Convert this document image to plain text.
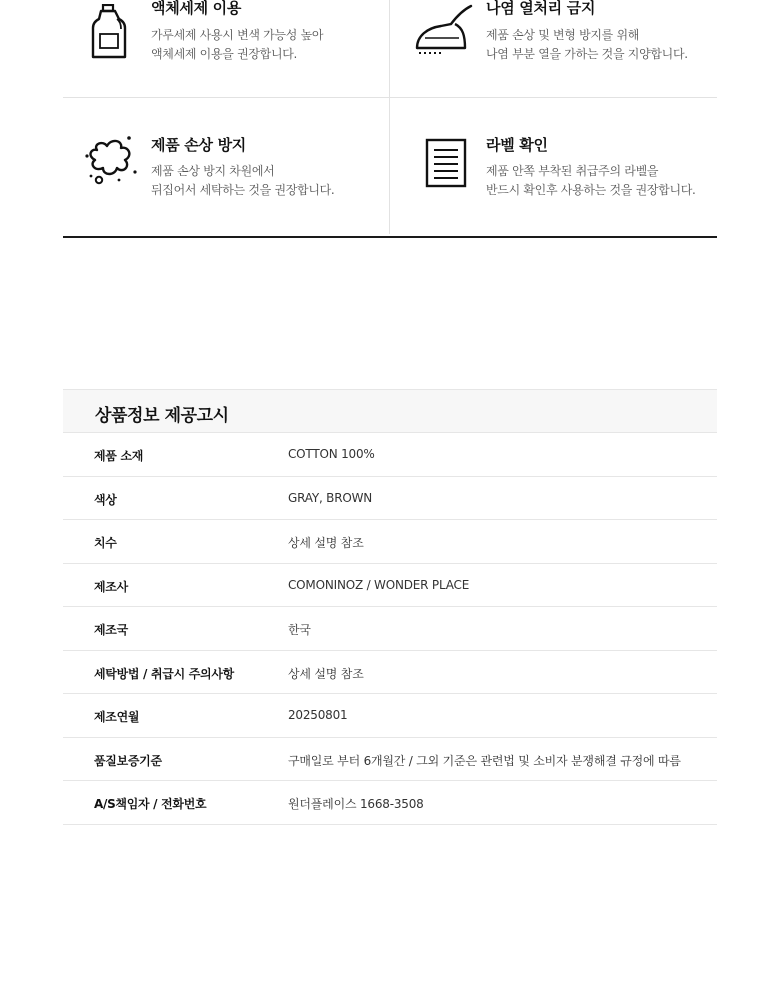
액체세제 이용
가루세제 사용시 변색 가능성 높아
액체세제 이용을 권장합니다.
나염 열처리 금지
제품 손상 및 변형 방지를 위해
나염 부분 열을 가하는 것을 지양합니다.
제품 손상 방지
제품 손상 방지 차원에서
뒤집어서 세탁하는 것을 권장합니다.
라벨 확인
제품 안쪽 부착된 취급주의 라벨을
반드시 확인후 사용하는 것을 권장합니다.
상품정보 제공고시
제품 소재	COTTON 100%
색상	GRAY, BROWN
치수	상세 설명 참조
제조사	COMONINOZ / WONDER PLACE
제조국	한국
세탁방법 / 취급시 주의사항	상세 설명 참조
제조연월	20250801
품질보증기준	구매일로 부터 6개월간 / 그외 기준은 관련법 및 소비자 분쟁해결 규정에 따름
A/S책임자 / 전화번호	원더플레이스 1668-3508
